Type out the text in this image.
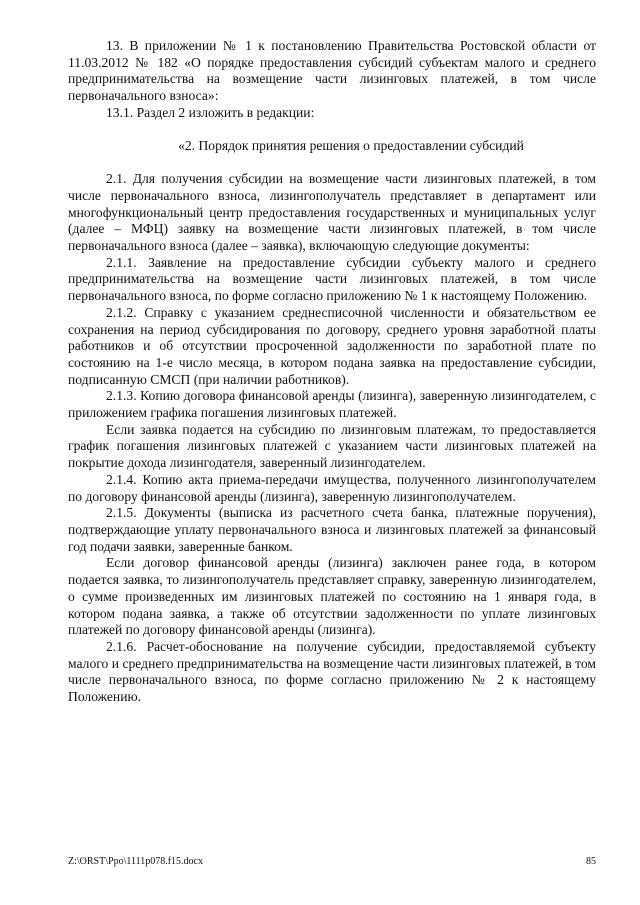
13. В приложении № 1 к постановлению Правительства Ростовской области от 11.03.2012 № 182 «О порядке предоставления субсидий субъектам малого и среднего предпринимательства на возмещение части лизинговых платежей, в том числе первоначального взноса»:

13.1. Раздел 2 изложить в редакции:

«2. Порядок принятия решения о предоставлении субсидий

2.1. Для получения субсидии на возмещение части лизинговых платежей, в том числе первоначального взноса, лизингополучатель представляет в департамент или многофункциональный центр предоставления государственных и муниципальных услуг (далее – МФЦ) заявку на возмещение части лизинговых платежей, в том числе первоначального взноса (далее – заявка), включающую следующие документы:

2.1.1. Заявление на предоставление субсидии субъекту малого и среднего предпринимательства на возмещение части лизинговых платежей, в том числе первоначального взноса, по форме согласно приложению № 1 к настоящему Положению.

2.1.2. Справку с указанием среднесписочной численности и обязательством ее сохранения на период субсидирования по договору, среднего уровня заработной платы работников и об отсутствии просроченной задолженности по заработной плате по состоянию на 1-е число месяца, в котором подана заявка на предоставление субсидии, подписанную СМСП (при наличии работников).

2.1.3. Копию договора финансовой аренды (лизинга), заверенную лизингодателем, с приложением графика погашения лизинговых платежей.

Если заявка подается на субсидию по лизинговым платежам, то предоставляется график погашения лизинговых платежей с указанием части лизинговых платежей на покрытие дохода лизингодателя, заверенный лизингодателем.

2.1.4. Копию акта приема-передачи имущества, полученного лизингополучателем по договору финансовой аренды (лизинга), заверенную лизингополучателем.

2.1.5. Документы (выписка из расчетного счета банка, платежные поручения), подтверждающие уплату первоначального взноса и лизинговых платежей за финансовый год подачи заявки, заверенные банком.

Если договор финансовой аренды (лизинга) заключен ранее года, в котором подается заявка, то лизингополучатель представляет справку, заверенную лизингодателем, о сумме произведенных им лизинговых платежей по состоянию на 1 января года, в котором подана заявка, а также об отсутствии задолженности по уплате лизинговых платежей по договору финансовой аренды (лизинга).

2.1.6. Расчет-обоснование на получение субсидии, предоставляемой субъекту малого и среднего предпринимательства на возмещение части лизинговых платежей, в том числе первоначального взноса, по форме согласно приложению № 2 к настоящему Положению.

Z:\ORST\Ppo\1111p078.f15.docx	85
